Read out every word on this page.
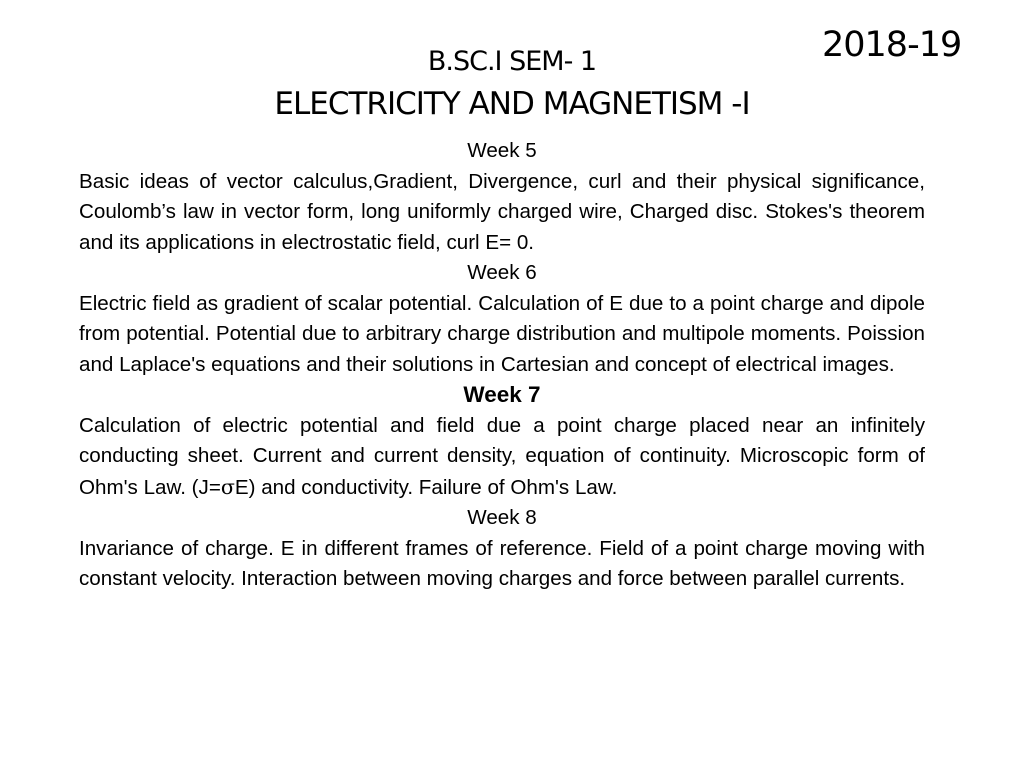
2018-19
B.SC.I SEM- 1
ELECTRICITY AND MAGNETISM -I
Week 5

Basic ideas of vector calculus,Gradient, Divergence, curl and their physical significance, Coulomb’s law in vector form, long uniformly charged wire, Charged disc. Stokes's theorem and its applications in electrostatic field, curl E= 0.

Week 6

Electric field as gradient of scalar potential. Calculation of E due to a point charge and dipole from potential. Potential due to arbitrary charge distribution and multipole moments. Poission and Laplace's equations and their solutions in Cartesian and concept of electrical images.

Week 7

Calculation of electric potential and field due a point charge placed near an infinitely conducting sheet. Current and current density, equation of continuity. Microscopic form of Ohm's Law. (J=σE) and conductivity. Failure of Ohm's Law.

Week 8

Invariance of charge. E in different frames of reference. Field of a point charge moving with constant velocity. Interaction between moving charges and force between parallel currents.
